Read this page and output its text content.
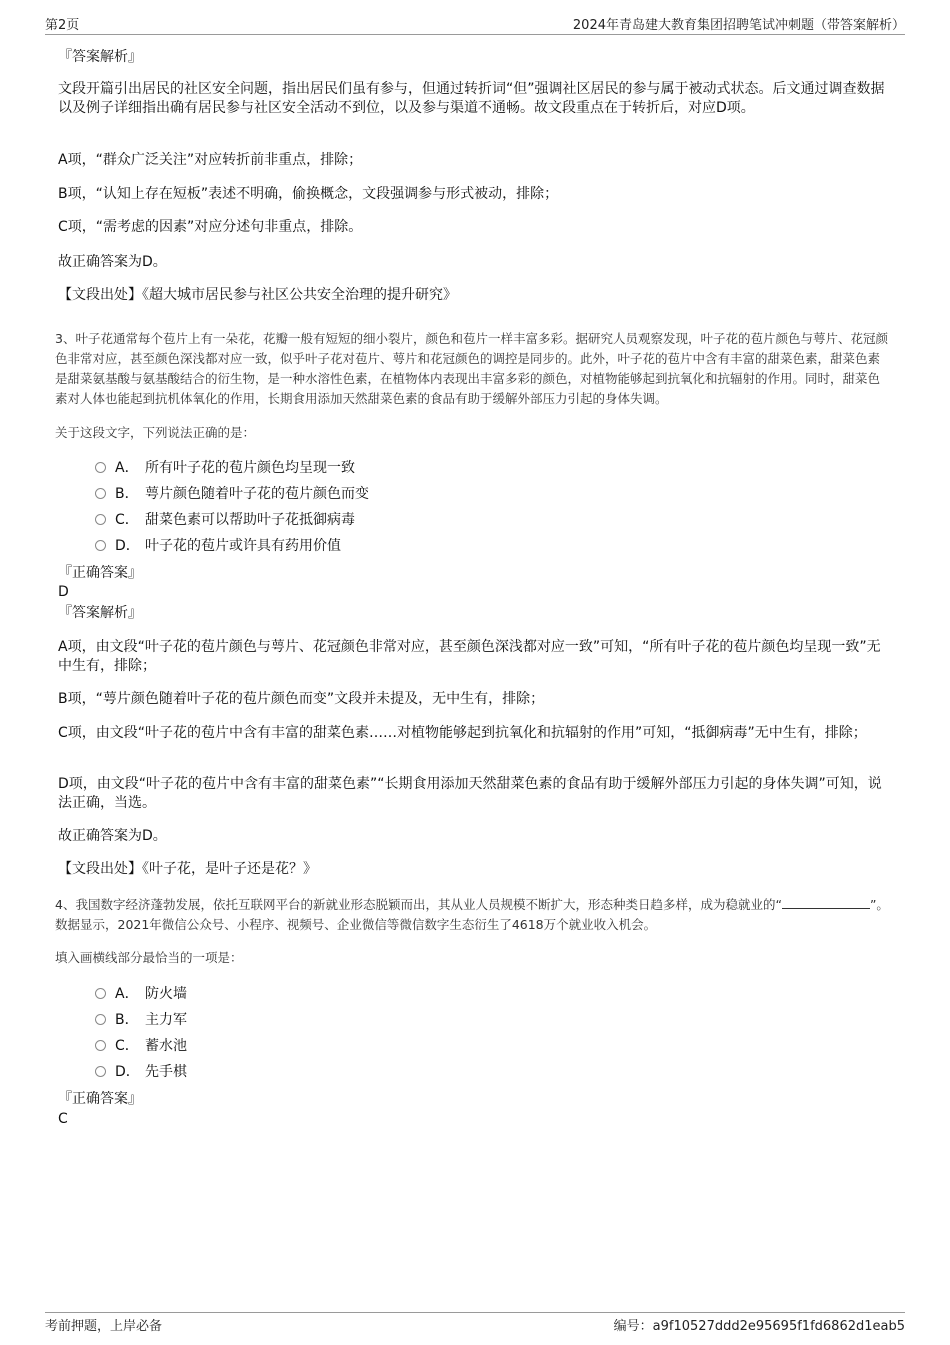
第2页	2024年青岛建大教育集团招聘笔试冲刺题（带答案解析）
『答案解析』
文段开篇引出居民的社区安全问题，指出居民们虽有参与，但通过转折词“但”强调社区居民的参与属于被动式状态。后文通过调查数据以及例子详细指出确有居民参与社区安全活动不到位，以及参与渠道不通畅。故文段重点在于转折后，对应D项。
A项，“群众广泛关注”对应转折前非重点，排除；
B项，“认知上存在短板”表述不明确，偷换概念，文段强调参与形式被动，排除；
C项，“需考虑的因素”对应分述句非重点，排除。
故正确答案为D。
【文段出处】《超大城市居民参与社区公共安全治理的提升研究》
3、叶子花通常每个苞片上有一朵花，花瓣一般有短短的细小裂片，颜色和苞片一样丰富多彩。据研究人员观察发现，叶子花的苞片颜色与萼片、花冠颜色非常对应，甚至颜色深浅都对应一致，似乎叶子花对苞片、萼片和花冠颜色的调控是同步的。此外，叶子花的苞片中含有丰富的甜菜色素，甜菜色素是甜菜氨基酸与氨基酸结合的衍生物，是一种水溶性色素，在植物体内表现出丰富多彩的颜色，对植物能够起到抗氧化和抗辐射的作用。同时，甜菜色素对人体也能起到抗机体氧化的作用，长期食用添加天然甜菜色素的食品有助于缓解外部压力引起的身体失调。
关于这段文字，下列说法正确的是：
A． 所有叶子花的苞片颜色均呈现一致
B． 萼片颜色随着叶子花的苞片颜色而变
C． 甜菜色素可以帮助叶子花抵御病毒
D． 叶子花的苞片或许具有药用价值
『正确答案』
D
『答案解析』
A项，由文段“叶子花的苞片颜色与萼片、花冠颜色非常对应，甚至颜色深浅都对应一致”可知，“所有叶子花的苞片颜色均呈现一致”无中生有，排除；
B项，“萼片颜色随着叶子花的苞片颜色而变”文段并未提及，无中生有，排除；
C项，由文段“叶子花的苞片中含有丰富的甜菜色素……对植物能够起到抗氧化和抗辐射的作用”可知，“抵御病毒”无中生有，排除；
D项，由文段“叶子花的苞片中含有丰富的甜菜色素”“长期食用添加天然甜菜色素的食品有助于缓解外部压力引起的身体失调”可知，说法正确，当选。
故正确答案为D。
【文段出处】《叶子花，是叶子还是花？》
4、我国数字经济蓬勃发展，依托互联网平台的新就业形态脱颖而出，其从业人员规模不断扩大，形态种类日趋多样，成为稳就业的“	”。数据显示，2021年微信公众号、小程序、视频号、企业微信等微信数字生态衍生了4618万个就业收入机会。
填入画横线部分最恰当的一项是：
A． 防火墙
B． 主力军
C． 蓄水池
D． 先手棋
『正确答案』
C
考前押题，上岸必备	编号：a9f10527ddd2e95695f1fd6862d1eab5
